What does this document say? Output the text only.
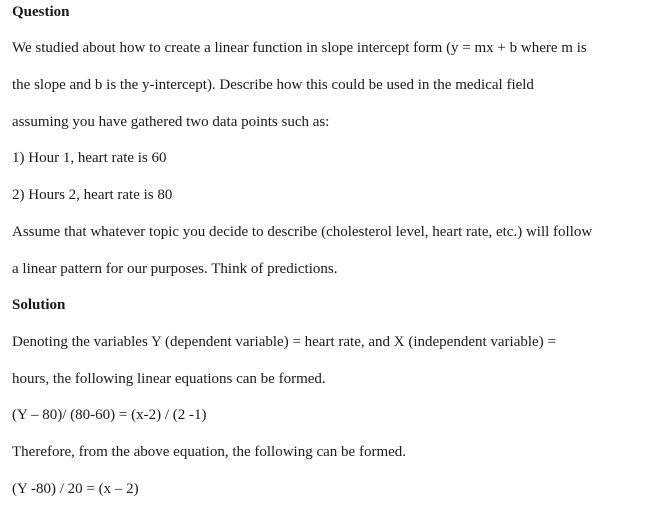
Question
We studied about how to create a linear function in slope intercept form (y = mx + b where m is
the slope and b is the y-intercept). Describe how this could be used in the medical field
assuming you have gathered two data points such as:
1) Hour 1, heart rate is 60
2) Hours 2, heart rate is 80
Assume that whatever topic you decide to describe (cholesterol level, heart rate, etc.) will follow
a linear pattern for our purposes. Think of predictions.
Solution
Denoting the variables Y (dependent variable) = heart rate, and X (independent variable) =
hours, the following linear equations can be formed.
(Y – 80)/ (80-60) = (x-2) / (2 -1)
Therefore, from the above equation, the following can be formed.
(Y -80) / 20 = (x – 2)
